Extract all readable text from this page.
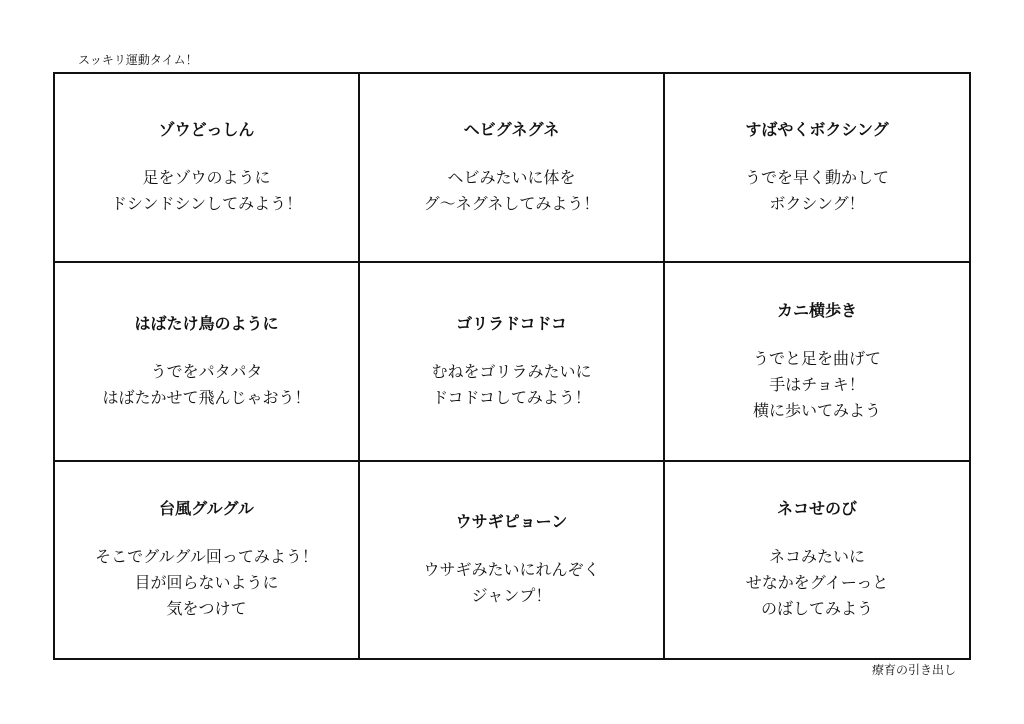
スッキリ運動タイム！
ゾウどっしん
足をゾウのように
ドシンドシンしてみよう！
ヘビグネグネ
ヘビみたいに体を
グ〜ネグネしてみよう！
すばやくボクシング
うでを早く動かして
ボクシング！
はばたけ鳥のように
うでをパタパタ
はばたかせて飛んじゃおう！
ゴリラドコドコ
むねをゴリラみたいに
ドコドコしてみよう！
カニ横歩き
うでと足を曲げて
手はチョキ！
横に歩いてみよう
台風グルグル
そこでグルグル回ってみよう！
目が回らないように
気をつけて
ウサギピョーン
ウサギみたいにれんぞく
ジャンプ！
ネコせのび
ネコみたいに
せなかをグイーっと
のばしてみよう
療育の引き出し
